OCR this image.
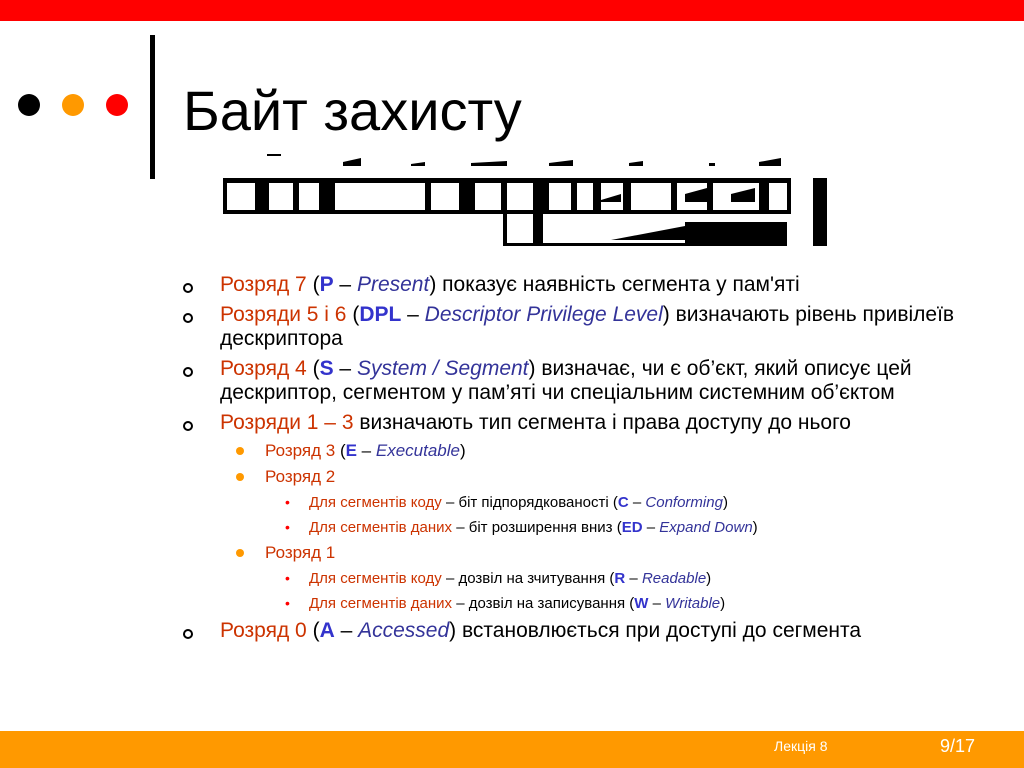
Байт захисту
Розряд 7 (P – Present) показує наявність сегмента у пам'яті
Розряди 5 і 6 (DPL – Descriptor Privilege Level) визначають рівень привілеїв дескриптора
Розряд 4 (S – System / Segment) визначає, чи є об’єкт, який описує цей дескриптор, сегментом у пам’яті чи спеціальним системним об’єктом
Розряди 1 – 3 визначають тип сегмента і права доступу до нього
Розряд 3 (E – Executable)
Розряд 2
• Для сегментів коду – біт підпорядкованості (C – Conforming)
• Для сегментів даних – біт розширення вниз (ED – Expand Down)
Розряд 1
• Для сегментів коду – дозвіл на зчитування (R – Readable)
• Для сегментів даних – дозвіл на записування (W – Writable)
Розряд 0 (A – Accessed) встановлюється при доступі до сегмента
Лекція 8	9/17
